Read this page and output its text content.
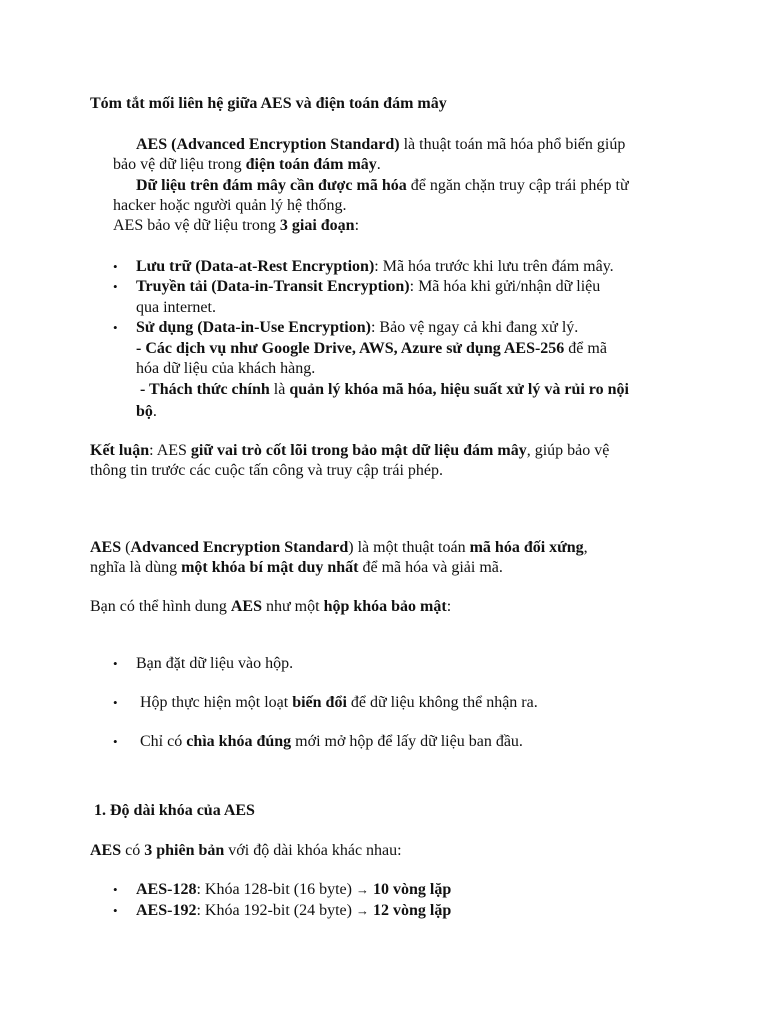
Tóm tắt mối liên hệ giữa AES và điện toán đám mây
AES (Advanced Encryption Standard) là thuật toán mã hóa phổ biến giúp
bảo vệ dữ liệu trong điện toán đám mây.
Dữ liệu trên đám mây cần được mã hóa để ngăn chặn truy cập trái phép từ
hacker hoặc người quản lý hệ thống.
AES bảo vệ dữ liệu trong 3 giai đoạn:
• Lưu trữ (Data-at-Rest Encryption): Mã hóa trước khi lưu trên đám mây.
• Truyền tải (Data-in-Transit Encryption): Mã hóa khi gửi/nhận dữ liệu
qua internet.
• Sử dụng (Data-in-Use Encryption): Bảo vệ ngay cả khi đang xử lý.
- Các dịch vụ như Google Drive, AWS, Azure sử dụng AES-256 để mã
hóa dữ liệu của khách hàng.
- Thách thức chính là quản lý khóa mã hóa, hiệu suất xử lý và rủi ro nội
bộ.
Kết luận: AES giữ vai trò cốt lõi trong bảo mật dữ liệu đám mây, giúp bảo vệ
thông tin trước các cuộc tấn công và truy cập trái phép.
AES (Advanced Encryption Standard) là một thuật toán mã hóa đối xứng,
nghĩa là dùng một khóa bí mật duy nhất để mã hóa và giải mã.
Bạn có thể hình dung AES như một hộp khóa bảo mật:
• Bạn đặt dữ liệu vào hộp.
• Hộp thực hiện một loạt biến đổi để dữ liệu không thể nhận ra.
• Chỉ có chìa khóa đúng mới mở hộp để lấy dữ liệu ban đầu.
1. Độ dài khóa của AES
AES có 3 phiên bản với độ dài khóa khác nhau:
• AES-128: Khóa 128-bit (16 byte) → 10 vòng lặp
• AES-192: Khóa 192-bit (24 byte) → 12 vòng lặp
